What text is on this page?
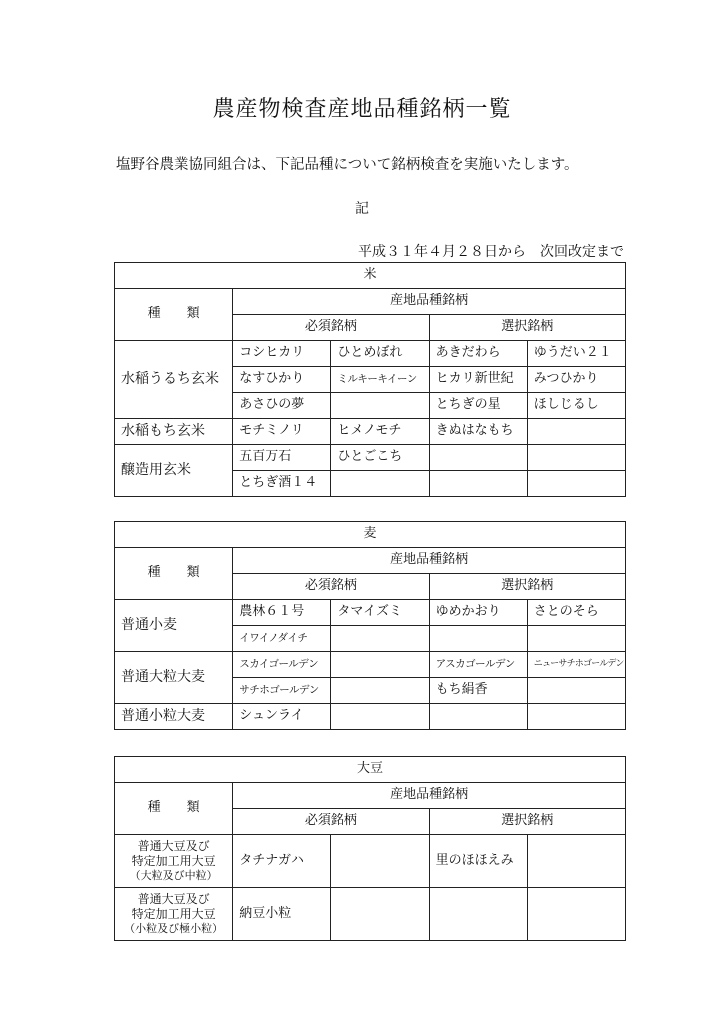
農産物検査産地品種銘柄一覧
塩野谷農業協同組合は、下記品種について銘柄検査を実施いたします。
記
平成３１年４月２８日から　次回改定まで
米				
種　　類	産地品種銘柄			
	必須銘柄		選択銘柄	
水稲うるち玄米	コシヒカリ	ひとめぼれ	あきだわら	ゆうだい２１
	なすひかり	ミルキーキイーン	ヒカリ新世紀	みつひかり
	あさひの夢		とちぎの星	ほしじるし
水稲もち玄米	モチミノリ	ヒメノモチ	きぬはなもち	
醸造用玄米	五百万石	ひとごこち		
	とちぎ酒１４			
麦				
種　　類	産地品種銘柄			
	必須銘柄		選択銘柄	
普通小麦	農林６１号	タマイズミ	ゆめかおり	さとのそら
	イワイノダイチ			
普通大粒大麦	スカイゴールデン		アスカゴールデン	ニューサチホゴールデン
	サチホゴールデン		もち絹香	
普通小粒大麦	シュンライ			
大豆				
種　　類	産地品種銘柄			
	必須銘柄		選択銘柄	

普通大豆及び
特定加工用大豆
（大粒及び中粒）	タチナガハ		里のほほえみ	

普通大豆及び
特定加工用大豆
（小粒及び極小粒）	納豆小粒			
